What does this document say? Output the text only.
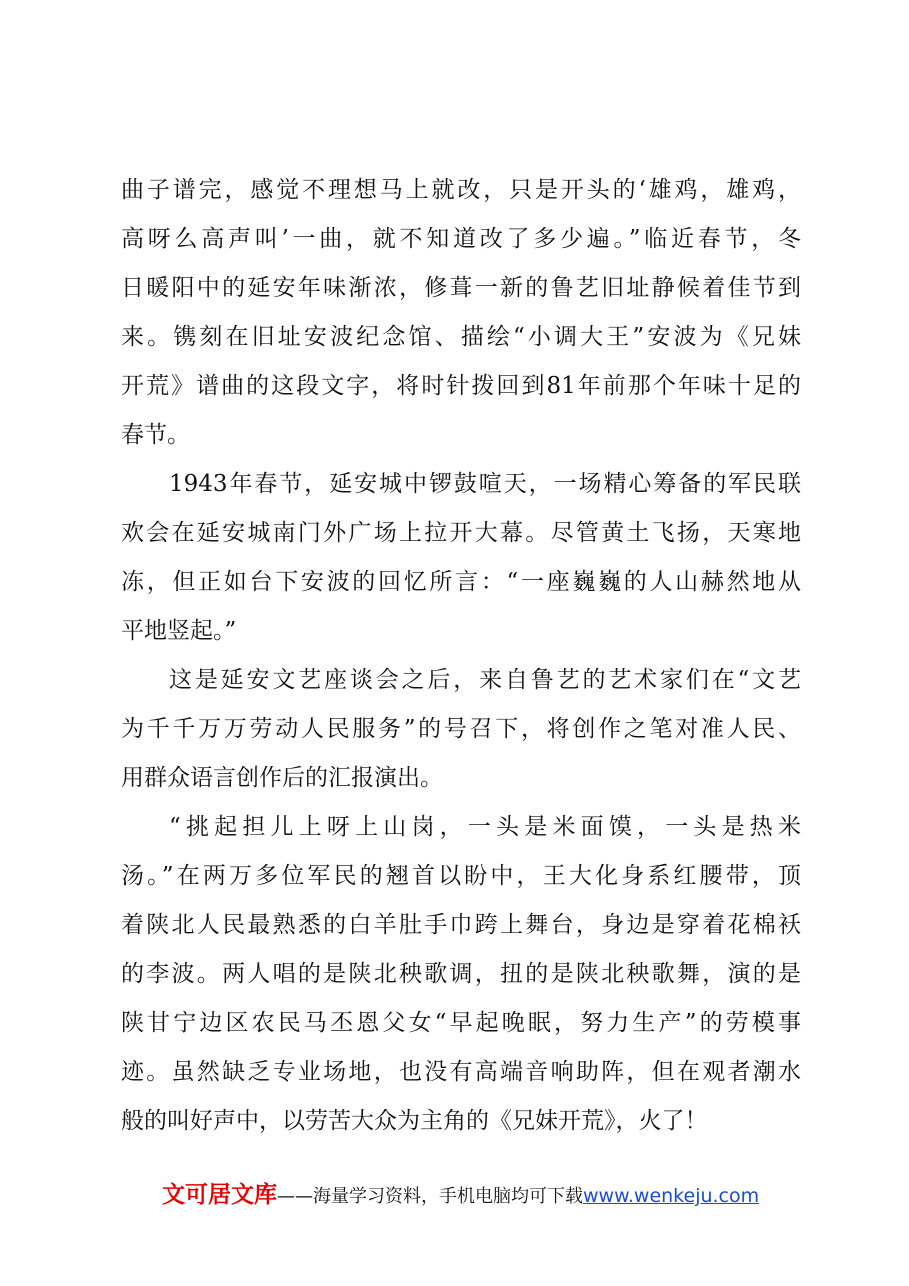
曲子谱完，感觉不理想马上就改，只是开头的‘雄鸡，雄鸡，
高呀么高声叫’一曲，就不知道改了多少遍。”临近春节，冬
日暖阳中的延安年味渐浓，修葺一新的鲁艺旧址静候着佳节到
来。镌刻在旧址安波纪念馆、描绘“小调大王”安波为《兄妹
开荒》谱曲的这段文字，将时针拨回到81年前那个年味十足的
春节。
1943年春节，延安城中锣鼓喧天，一场精心筹备的军民联
欢会在延安城南门外广场上拉开大幕。尽管黄土飞扬，天寒地
冻，但正如台下安波的回忆所言：“一座巍巍的人山赫然地从
平地竖起。”
这是延安文艺座谈会之后，来自鲁艺的艺术家们在“文艺
为千千万万劳动人民服务”的号召下，将创作之笔对准人民、
用群众语言创作后的汇报演出。
“挑起担儿上呀上山岗，一头是米面馍，一头是热米
汤。”在两万多位军民的翘首以盼中，王大化身系红腰带，顶
着陕北人民最熟悉的白羊肚手巾跨上舞台，身边是穿着花棉袄
的李波。两人唱的是陕北秧歌调，扭的是陕北秧歌舞，演的是
陕甘宁边区农民马丕恩父女“早起晚眠，努力生产”的劳模事
迹。虽然缺乏专业场地，也没有高端音响助阵，但在观者潮水
般的叫好声中，以劳苦大众为主角的《兄妹开荒》，火了！
文可居文库——海量学习资料，手机电脑均可下载www.wenkeju.com
